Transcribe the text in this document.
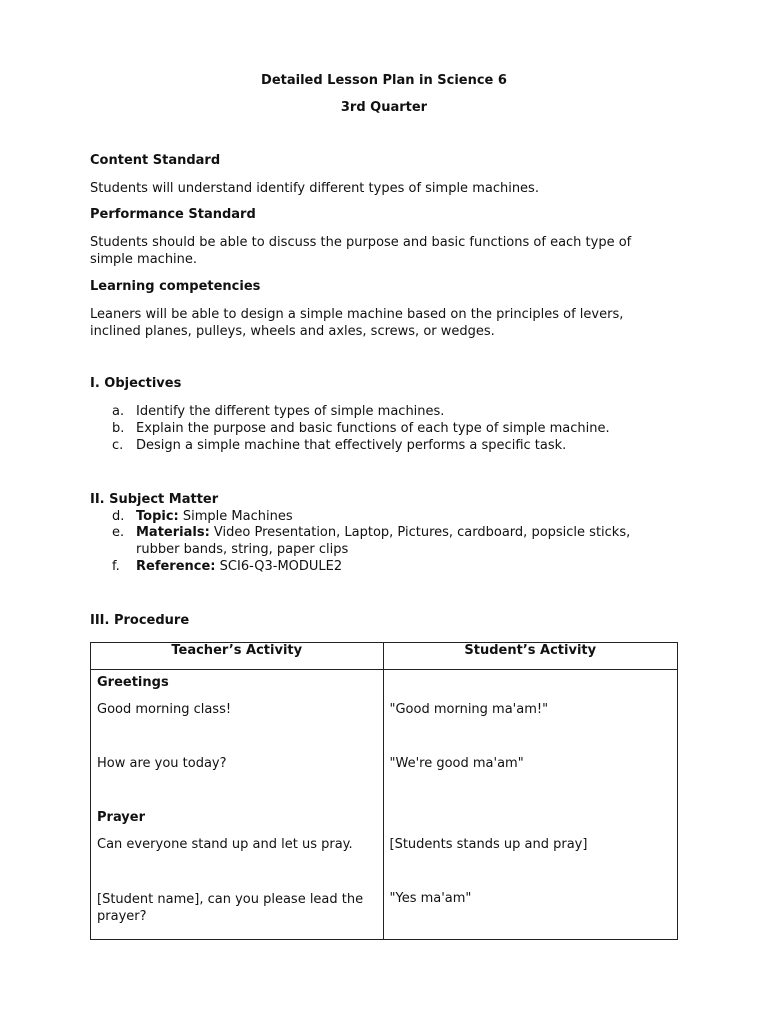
Detailed Lesson Plan in Science 6
3rd Quarter
Content Standard
Students will understand identify different types of simple machines.
Performance Standard
Students should be able to discuss the purpose and basic functions of each type of simple machine.
Learning competencies
Leaners will be able to design a simple machine based on the principles of levers, inclined planes, pulleys, wheels and axles, screws, or wedges.
I. Objectives
a. Identify the different types of simple machines.
b. Explain the purpose and basic functions of each type of simple machine.
c. Design a simple machine that effectively performs a specific task.
II. Subject Matter
d. Topic: Simple Machines
e. Materials: Video Presentation, Laptop, Pictures, cardboard, popsicle sticks,
rubber bands, string, paper clips
f. Reference: SCI6-Q3-MODULE2
III. Procedure
Teacher’s Activity	Student’s Activity
Greetings	
Good morning class!	"Good morning ma'am!"
How are you today?	"We're good ma'am"
Prayer	
Can everyone stand up and let us pray.	[Students stands up and pray]
[Student name], can you please lead the prayer?	"Yes ma'am"
